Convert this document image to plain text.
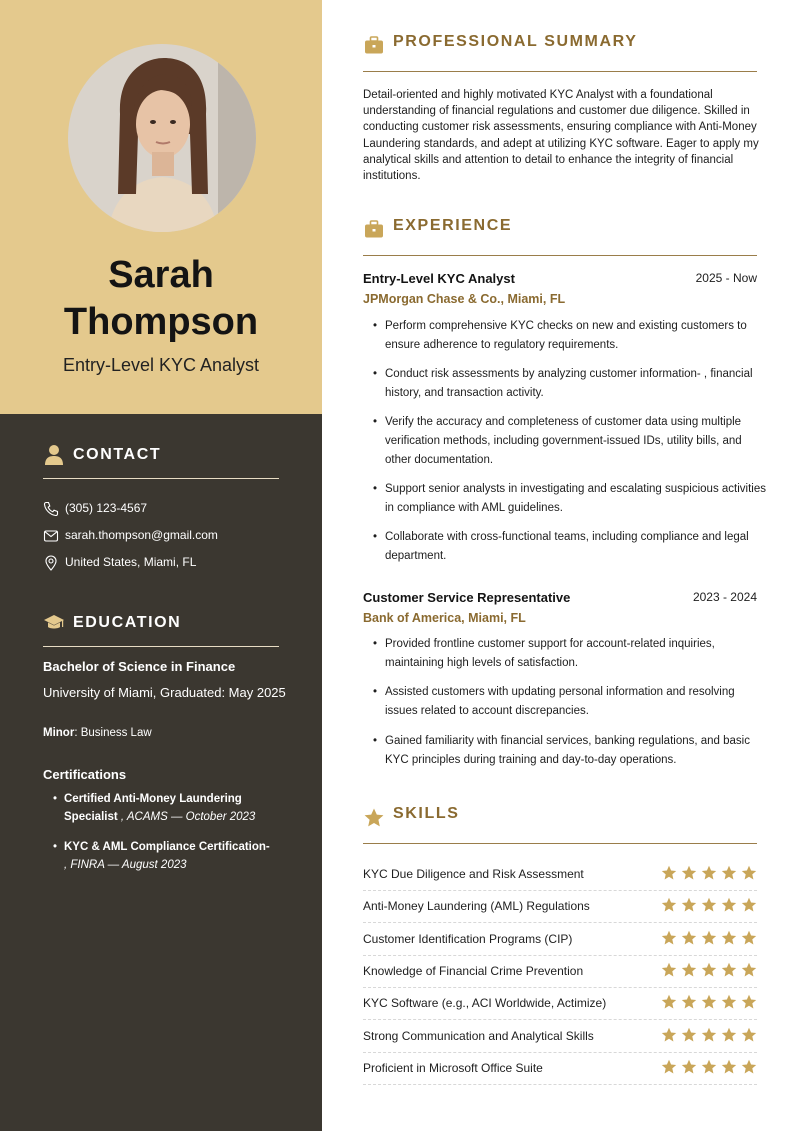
Sarah
Thompson
Entry-Level KYC Analyst
CONTACT
(305) 123-4567
sarah.thompson@gmail.com
United States, Miami, FL
EDUCATION
Bachelor of Science in Finance
University of Miami, Graduated: May 2025
Minor: Business Law
Certifications
• Certified Anti-Money Laundering Specialist , ACAMS — October 2023
• KYC & AML Compliance Certification-
, FINRA — August 2023
PROFESSIONAL SUMMARY
Detail-oriented and highly motivated KYC Analyst with a foundational understanding of financial regulations and customer due diligence. Skilled in conducting customer risk assessments, ensuring compliance with Anti-Money Laundering standards, and adept at utilizing KYC software. Eager to apply my analytical skills and attention to detail to enhance the integrity of financial institutions.
EXPERIENCE
Entry-Level KYC Analyst	2025 - Now
JPMorgan Chase & Co., Miami, FL
• Perform comprehensive KYC checks on new and existing customers to ensure adherence to regulatory requirements.
• Conduct risk assessments by analyzing customer information- , financial history, and transaction activity.
• Verify the accuracy and completeness of customer data using multiple verification methods, including government-issued IDs, utility bills, and other documentation.
• Support senior analysts in investigating and escalating suspicious activities in compliance with AML guidelines.
• Collaborate with cross-functional teams, including compliance and legal department.
Customer Service Representative	2023 - 2024
Bank of America, Miami, FL
• Provided frontline customer support for account-related inquiries, maintaining high levels of satisfaction.
• Assisted customers with updating personal information and resolving issues related to account discrepancies.
• Gained familiarity with financial services, banking regulations, and basic KYC principles during training and day-to-day operations.
SKILLS
KYC Due Diligence and Risk Assessment
Anti-Money Laundering (AML) Regulations
Customer Identification Programs (CIP)
Knowledge of Financial Crime Prevention
KYC Software (e.g., ACI Worldwide, Actimize)
Strong Communication and Analytical Skills
Proficient in Microsoft Office Suite
